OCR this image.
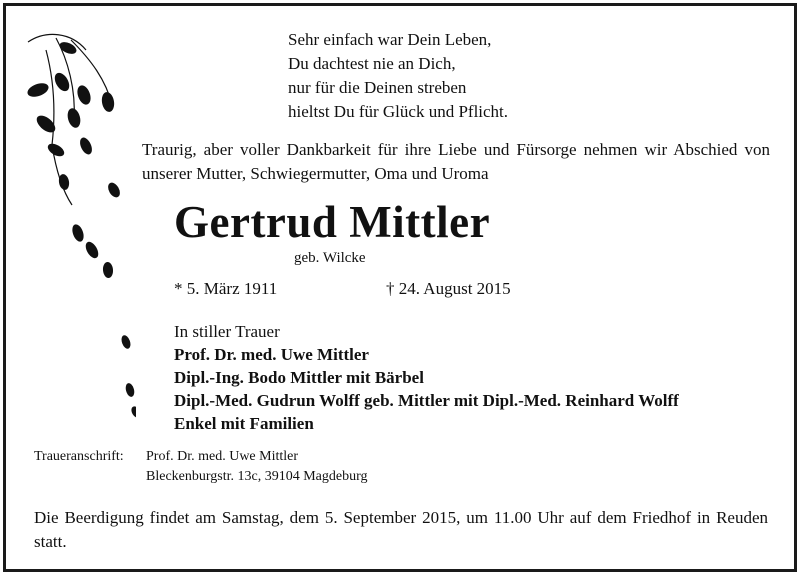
Sehr einfach war Dein Leben,
Du dachtest nie an Dich,
nur für die Deinen streben
hieltst Du für Glück und Pflicht.
Traurig, aber voller Dankbarkeit für ihre Liebe und Fürsorge nehmen wir Abschied von unserer Mutter, Schwiegermutter, Oma und Uroma
Gertrud Mittler
geb. Wilcke
* 5. März 1911	† 24. August 2015
In stiller Trauer
Prof. Dr. med. Uwe Mittler
Dipl.-Ing. Bodo Mittler mit Bärbel
Dipl.-Med. Gudrun Wolff geb. Mittler mit Dipl.-Med. Reinhard Wolff
Enkel mit Familien
Traueranschrift: Prof. Dr. med. Uwe Mittler
Bleckenburgstr. 13c, 39104 Magdeburg
Die Beerdigung findet am Samstag, dem 5. September 2015, um 11.00 Uhr auf dem Friedhof in Reuden statt.
